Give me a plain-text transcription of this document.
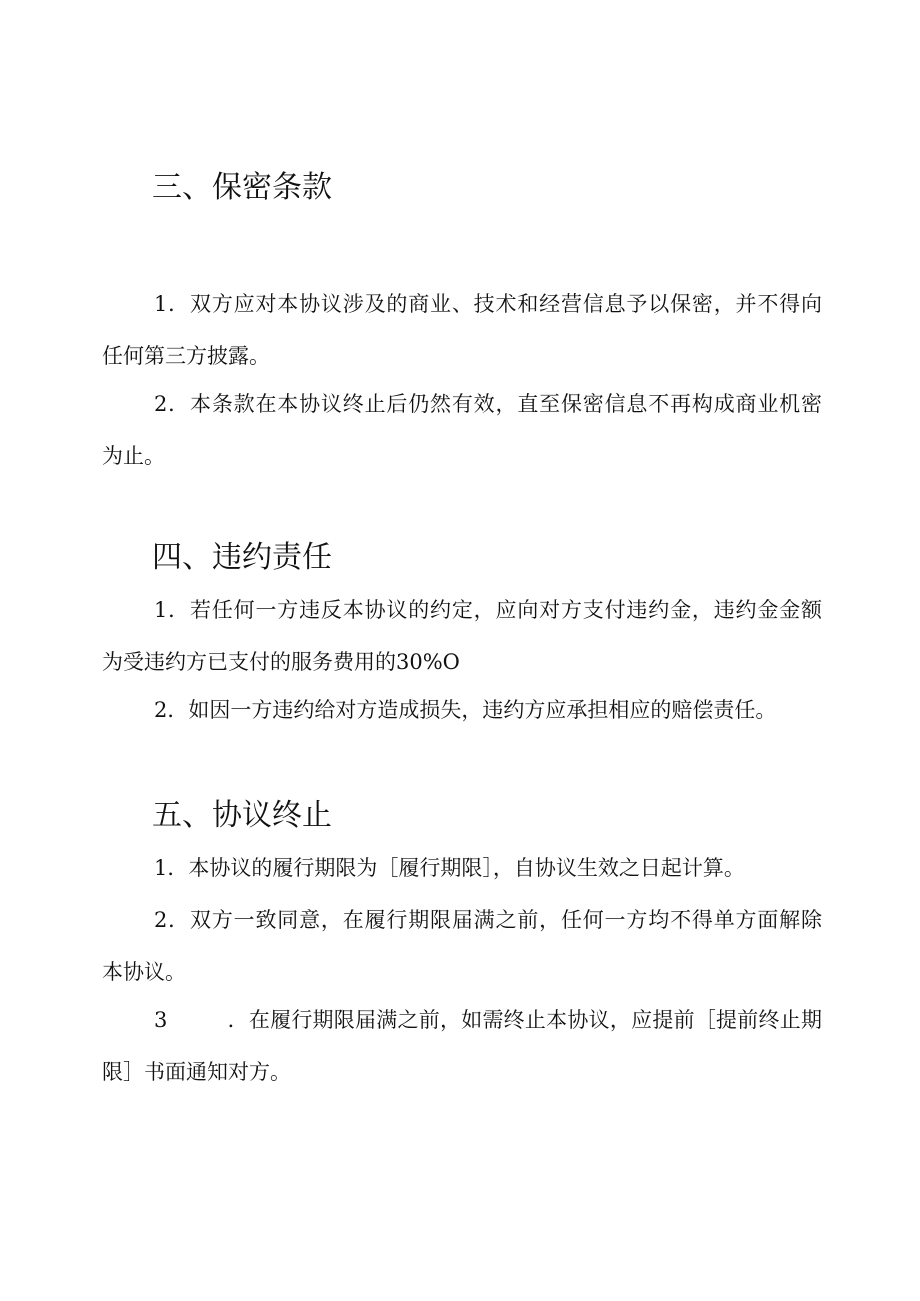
三、保密条款
1．双方应对本协议涉及的商业、技术和经营信息予以保密，并不得向
任何第三方披露。
2．本条款在本协议终止后仍然有效，直至保密信息不再构成商业机密
为止。
四、违约责任
1．若任何一方违反本协议的约定，应向对方支付违约金，违约金金额
为受违约方已支付的服务费用的30%O
2．如因一方违约给对方造成损失，违约方应承担相应的赔偿责任。
五、协议终止
1．本协议的履行期限为［履行期限］，自协议生效之日起计算。
2．双方一致同意，在履行期限届满之前，任何一方均不得单方面解除
本协议。
3	．在履行期限届满之前，如需终止本协议，应提前［提前终止期
限］书面通知对方。
